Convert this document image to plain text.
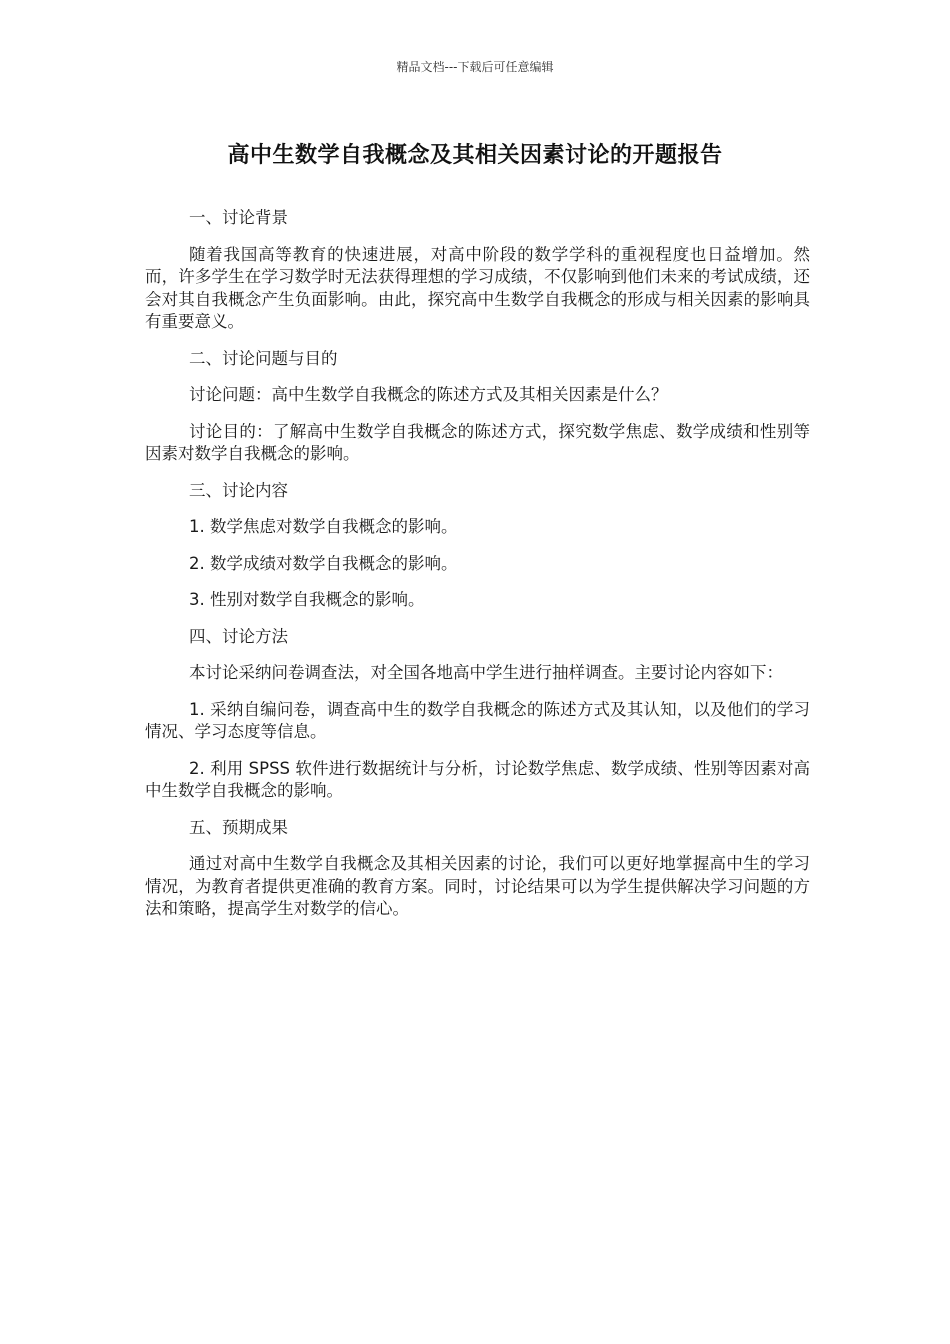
精品文档---下载后可任意编辑
高中生数学自我概念及其相关因素讨论的开题报告

一、讨论背景

随着我国高等教育的快速进展，对高中阶段的数学学科的重视程度也日益增加。然而，许多学生在学习数学时无法获得理想的学习成绩，不仅影响到他们未来的考试成绩，还会对其自我概念产生负面影响。由此，探究高中生数学自我概念的形成与相关因素的影响具有重要意义。

二、讨论问题与目的

讨论问题：高中生数学自我概念的陈述方式及其相关因素是什么？

讨论目的：了解高中生数学自我概念的陈述方式，探究数学焦虑、数学成绩和性别等因素对数学自我概念的影响。

三、讨论内容

1. 数学焦虑对数学自我概念的影响。

2. 数学成绩对数学自我概念的影响。

3. 性别对数学自我概念的影响。

四、讨论方法

本讨论采纳问卷调查法，对全国各地高中学生进行抽样调查。主要讨论内容如下：

1. 采纳自编问卷，调查高中生的数学自我概念的陈述方式及其认知，以及他们的学习情况、学习态度等信息。

2. 利用 SPSS 软件进行数据统计与分析，讨论数学焦虑、数学成绩、性别等因素对高中生数学自我概念的影响。

五、预期成果

通过对高中生数学自我概念及其相关因素的讨论，我们可以更好地掌握高中生的学习情况，为教育者提供更准确的教育方案。同时，讨论结果可以为学生提供解决学习问题的方法和策略，提高学生对数学的信心。
